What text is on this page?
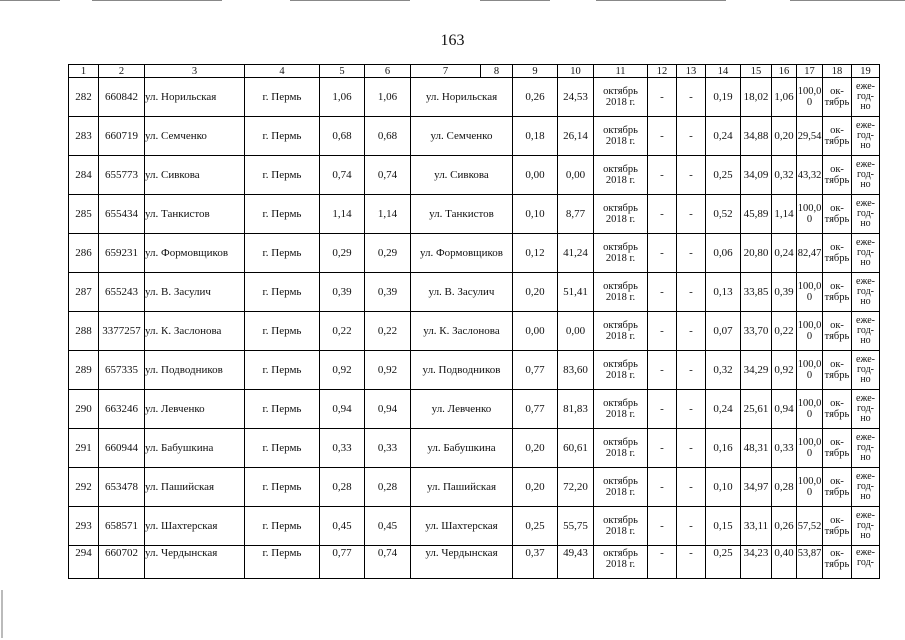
163
1	2	3	4	5	6	7	8	9	10	11	12	13	14	15	16	17	18	19
282	660842	ул. Норильская	г. Пермь	1,06	1,06	ул. Норильская		0,26	24,53	октябрь 2018 г.	-	-	0,19	18,02	1,06	100,0 0	ок-тябрь	еже-год-но
283	660719	ул. Семченко	г. Пермь	0,68	0,68	ул. Семченко		0,18	26,14	октябрь 2018 г.	-	-	0,24	34,88	0,20	29,54	ок-тябрь	еже-год-но
284	655773	ул. Сивкова	г. Пермь	0,74	0,74	ул. Сивкова		0,00	0,00	октябрь 2018 г.	-	-	0,25	34,09	0,32	43,32	ок-тябрь	еже-год-но
285	655434	ул. Танкистов	г. Пермь	1,14	1,14	ул. Танкистов		0,10	8,77	октябрь 2018 г.	-	-	0,52	45,89	1,14	100,0 0	ок-тябрь	еже-год-но
286	659231	ул. Формовщиков	г. Пермь	0,29	0,29	ул. Формовщиков		0,12	41,24	октябрь 2018 г.	-	-	0,06	20,80	0,24	82,47	ок-тябрь	еже-год-но
287	655243	ул. В. Засулич	г. Пермь	0,39	0,39	ул. В. Засулич		0,20	51,41	октябрь 2018 г.	-	-	0,13	33,85	0,39	100,0 0	ок-тябрь	еже-год-но
288	3377257	ул. К. Заслонова	г. Пермь	0,22	0,22	ул. К. Заслонова		0,00	0,00	октябрь 2018 г.	-	-	0,07	33,70	0,22	100,0 0	ок-тябрь	еже-год-но
289	657335	ул. Подводников	г. Пермь	0,92	0,92	ул. Подводников		0,77	83,60	октябрь 2018 г.	-	-	0,32	34,29	0,92	100,0 0	ок-тябрь	еже-год-но
290	663246	ул. Левченко	г. Пермь	0,94	0,94	ул. Левченко		0,77	81,83	октябрь 2018 г.	-	-	0,24	25,61	0,94	100,0 0	ок-тябрь	еже-год-но
291	660944	ул. Бабушкина	г. Пермь	0,33	0,33	ул. Бабушкина		0,20	60,61	октябрь 2018 г.	-	-	0,16	48,31	0,33	100,0 0	ок-тябрь	еже-год-но
292	653478	ул. Пашийская	г. Пермь	0,28	0,28	ул. Пашийская		0,20	72,20	октябрь 2018 г.	-	-	0,10	34,97	0,28	100,0 0	ок-тябрь	еже-год-но
293	658571	ул. Шахтерская	г. Пермь	0,45	0,45	ул. Шахтерская		0,25	55,75	октябрь 2018 г.	-	-	0,15	33,11	0,26	57,52	ок-тябрь	еже-год-но
294	660702	ул. Чердынская	г. Пермь	0,77	0,74	ул. Чердынская		0,37	49,43	октябрь 2018 г.	-	-	0,25	34,23	0,40	53,87	ок-тябрь	еже-год-
